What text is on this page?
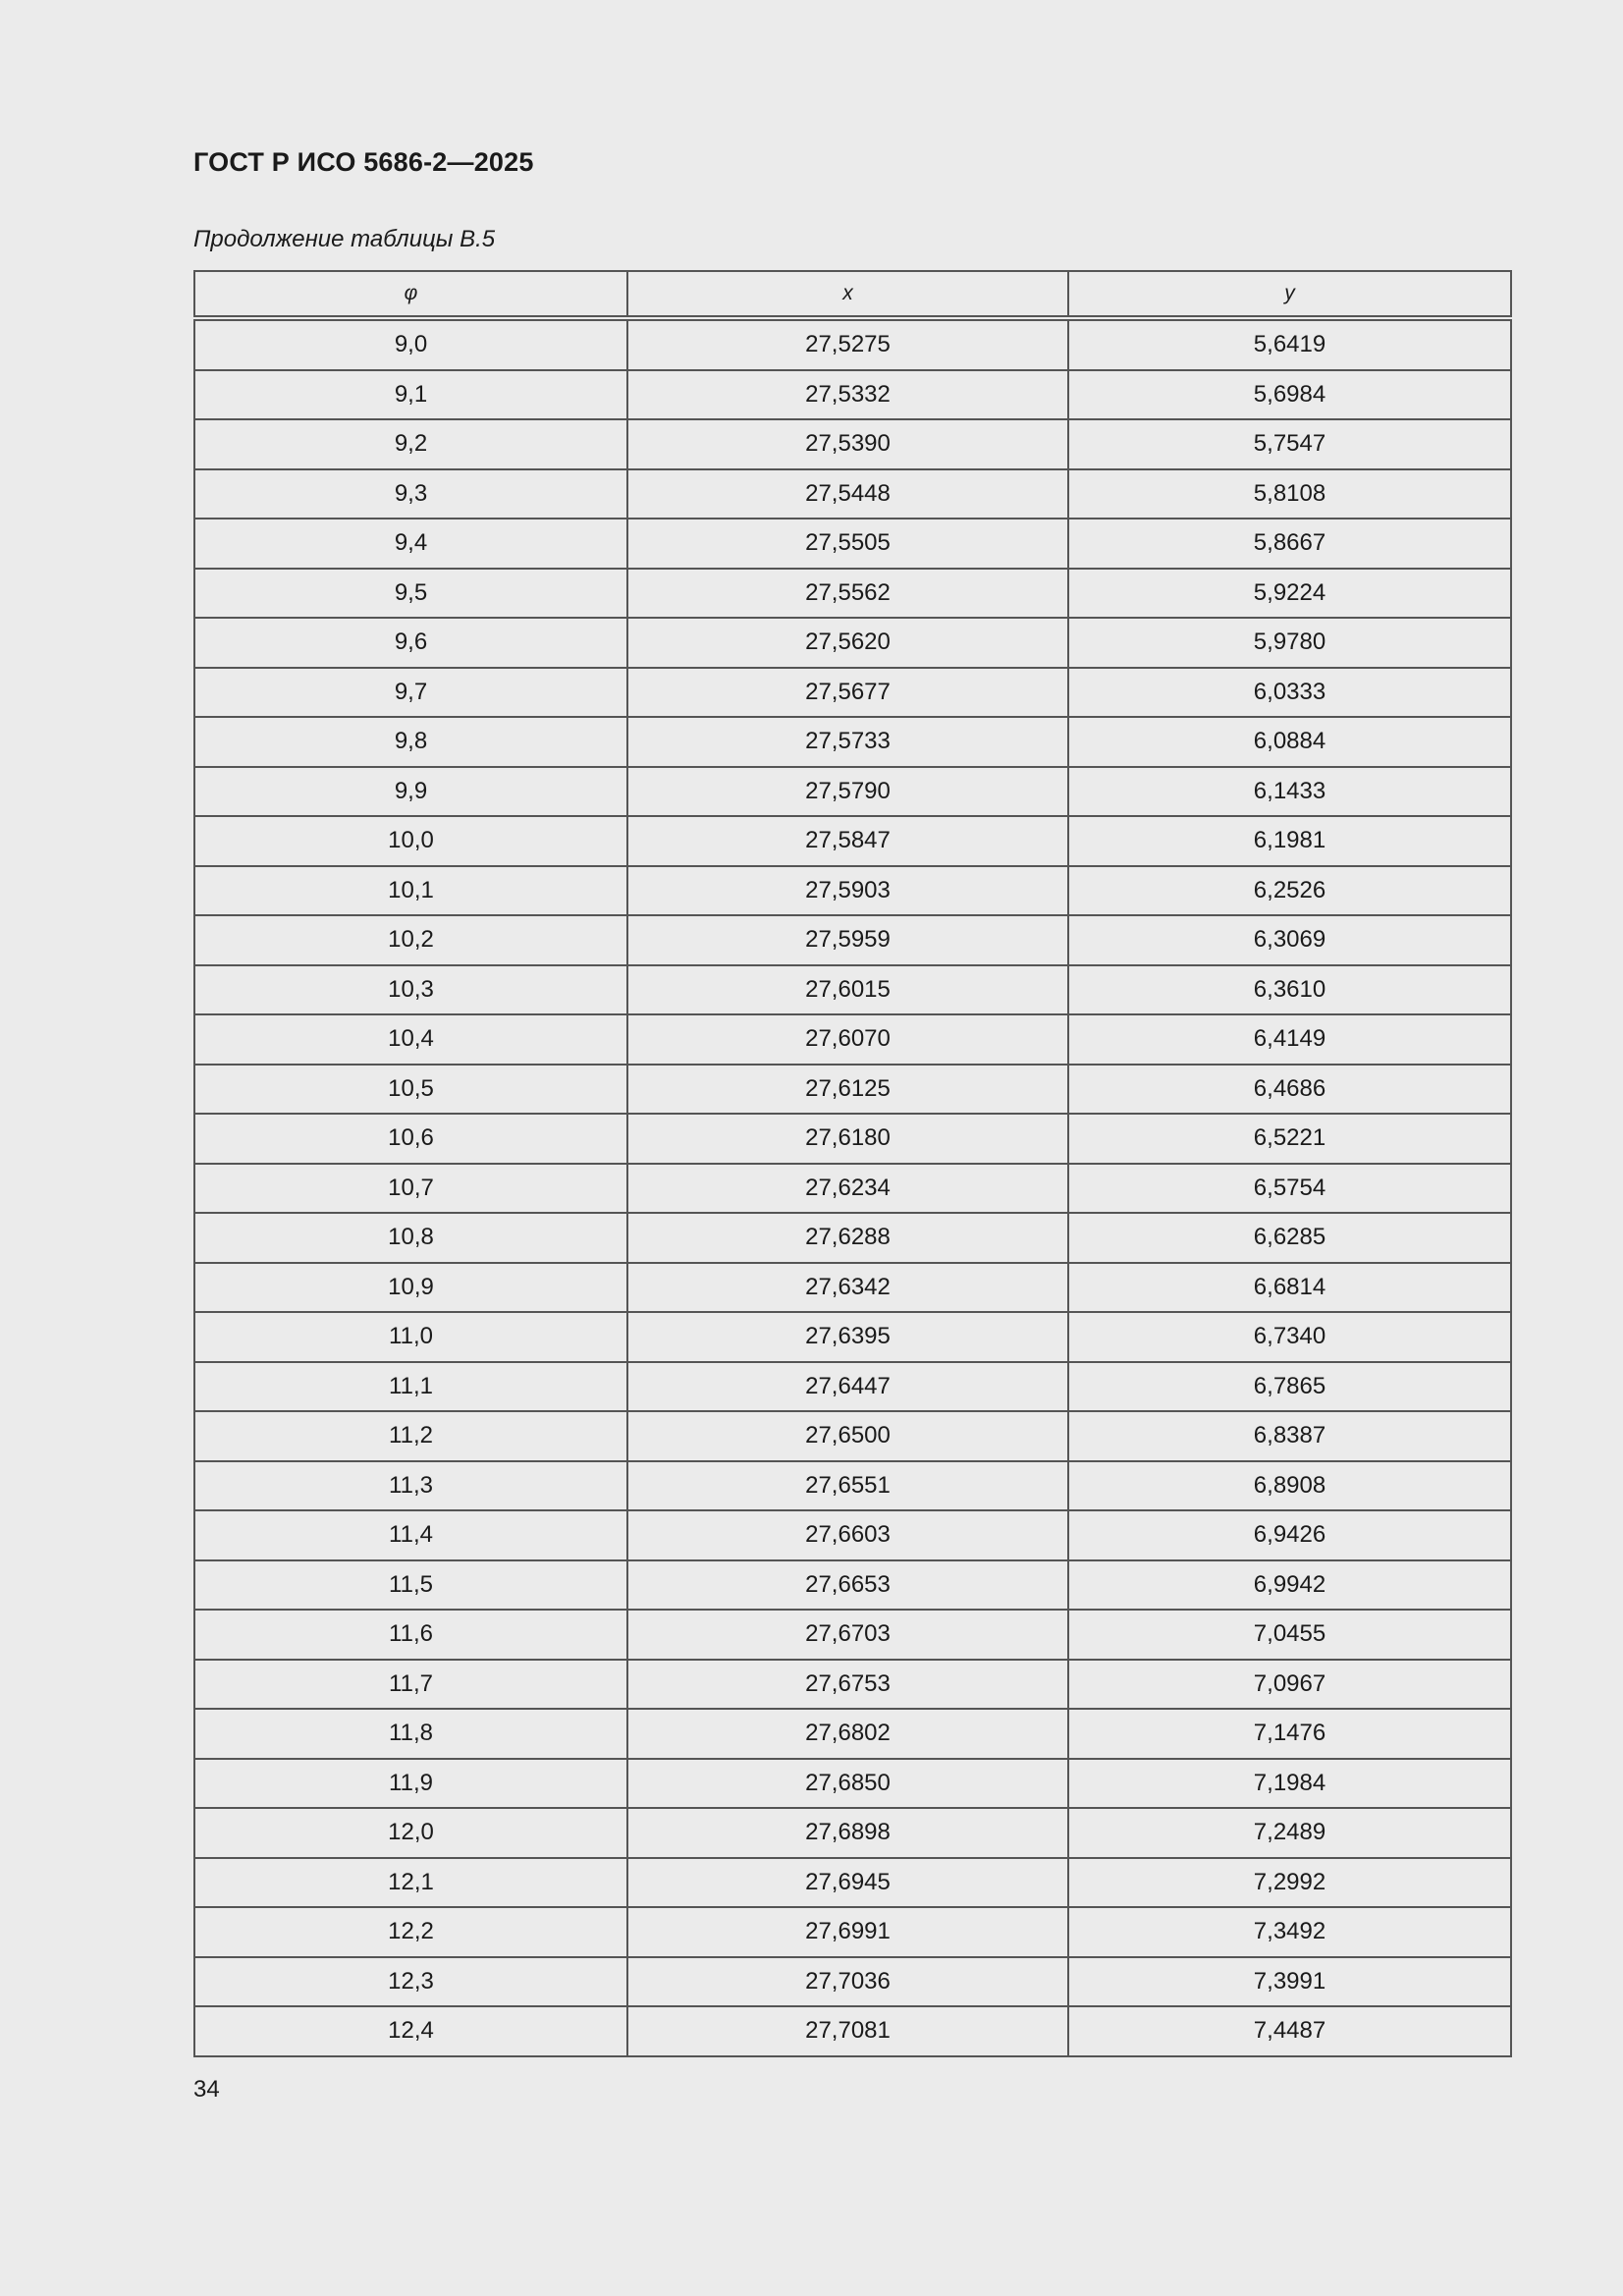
ГОСТ Р ИСО 5686-2—2025
Продолжение таблицы В.5
φ	x	y
9,0	27,5275	5,6419
9,1	27,5332	5,6984
9,2	27,5390	5,7547
9,3	27,5448	5,8108
9,4	27,5505	5,8667
9,5	27,5562	5,9224
9,6	27,5620	5,9780
9,7	27,5677	6,0333
9,8	27,5733	6,0884
9,9	27,5790	6,1433
10,0	27,5847	6,1981
10,1	27,5903	6,2526
10,2	27,5959	6,3069
10,3	27,6015	6,3610
10,4	27,6070	6,4149
10,5	27,6125	6,4686
10,6	27,6180	6,5221
10,7	27,6234	6,5754
10,8	27,6288	6,6285
10,9	27,6342	6,6814
11,0	27,6395	6,7340
11,1	27,6447	6,7865
11,2	27,6500	6,8387
11,3	27,6551	6,8908
11,4	27,6603	6,9426
11,5	27,6653	6,9942
11,6	27,6703	7,0455
11,7	27,6753	7,0967
11,8	27,6802	7,1476
11,9	27,6850	7,1984
12,0	27,6898	7,2489
12,1	27,6945	7,2992
12,2	27,6991	7,3492
12,3	27,7036	7,3991
12,4	27,7081	7,4487
34
